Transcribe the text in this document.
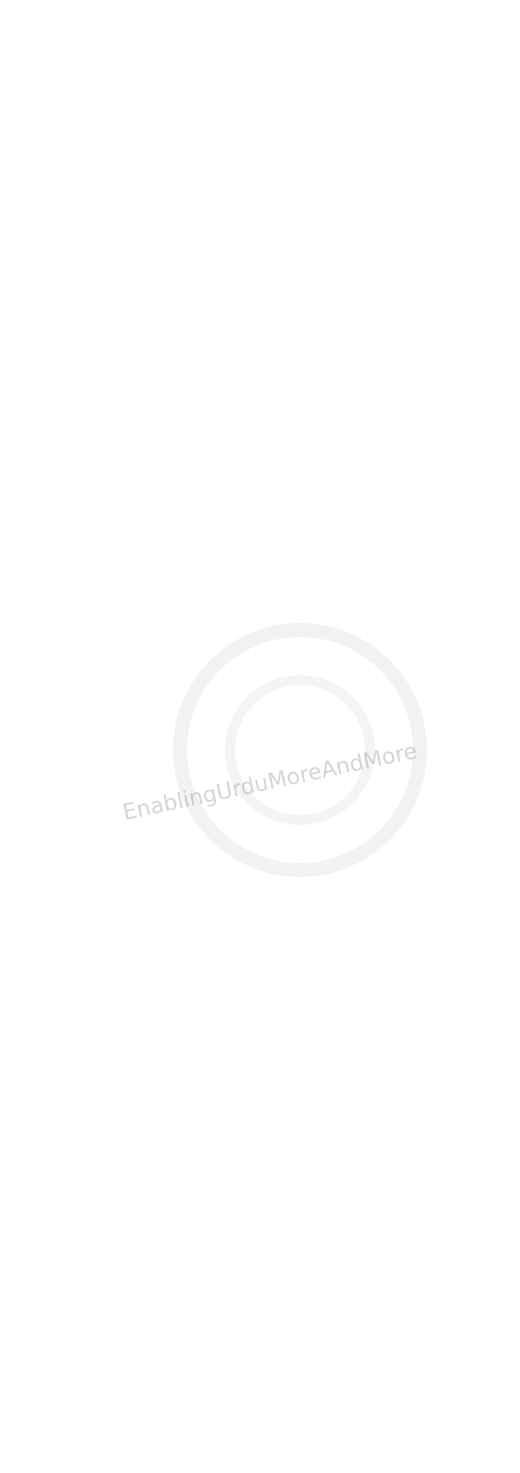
EnablingUrduMoreAndMore
